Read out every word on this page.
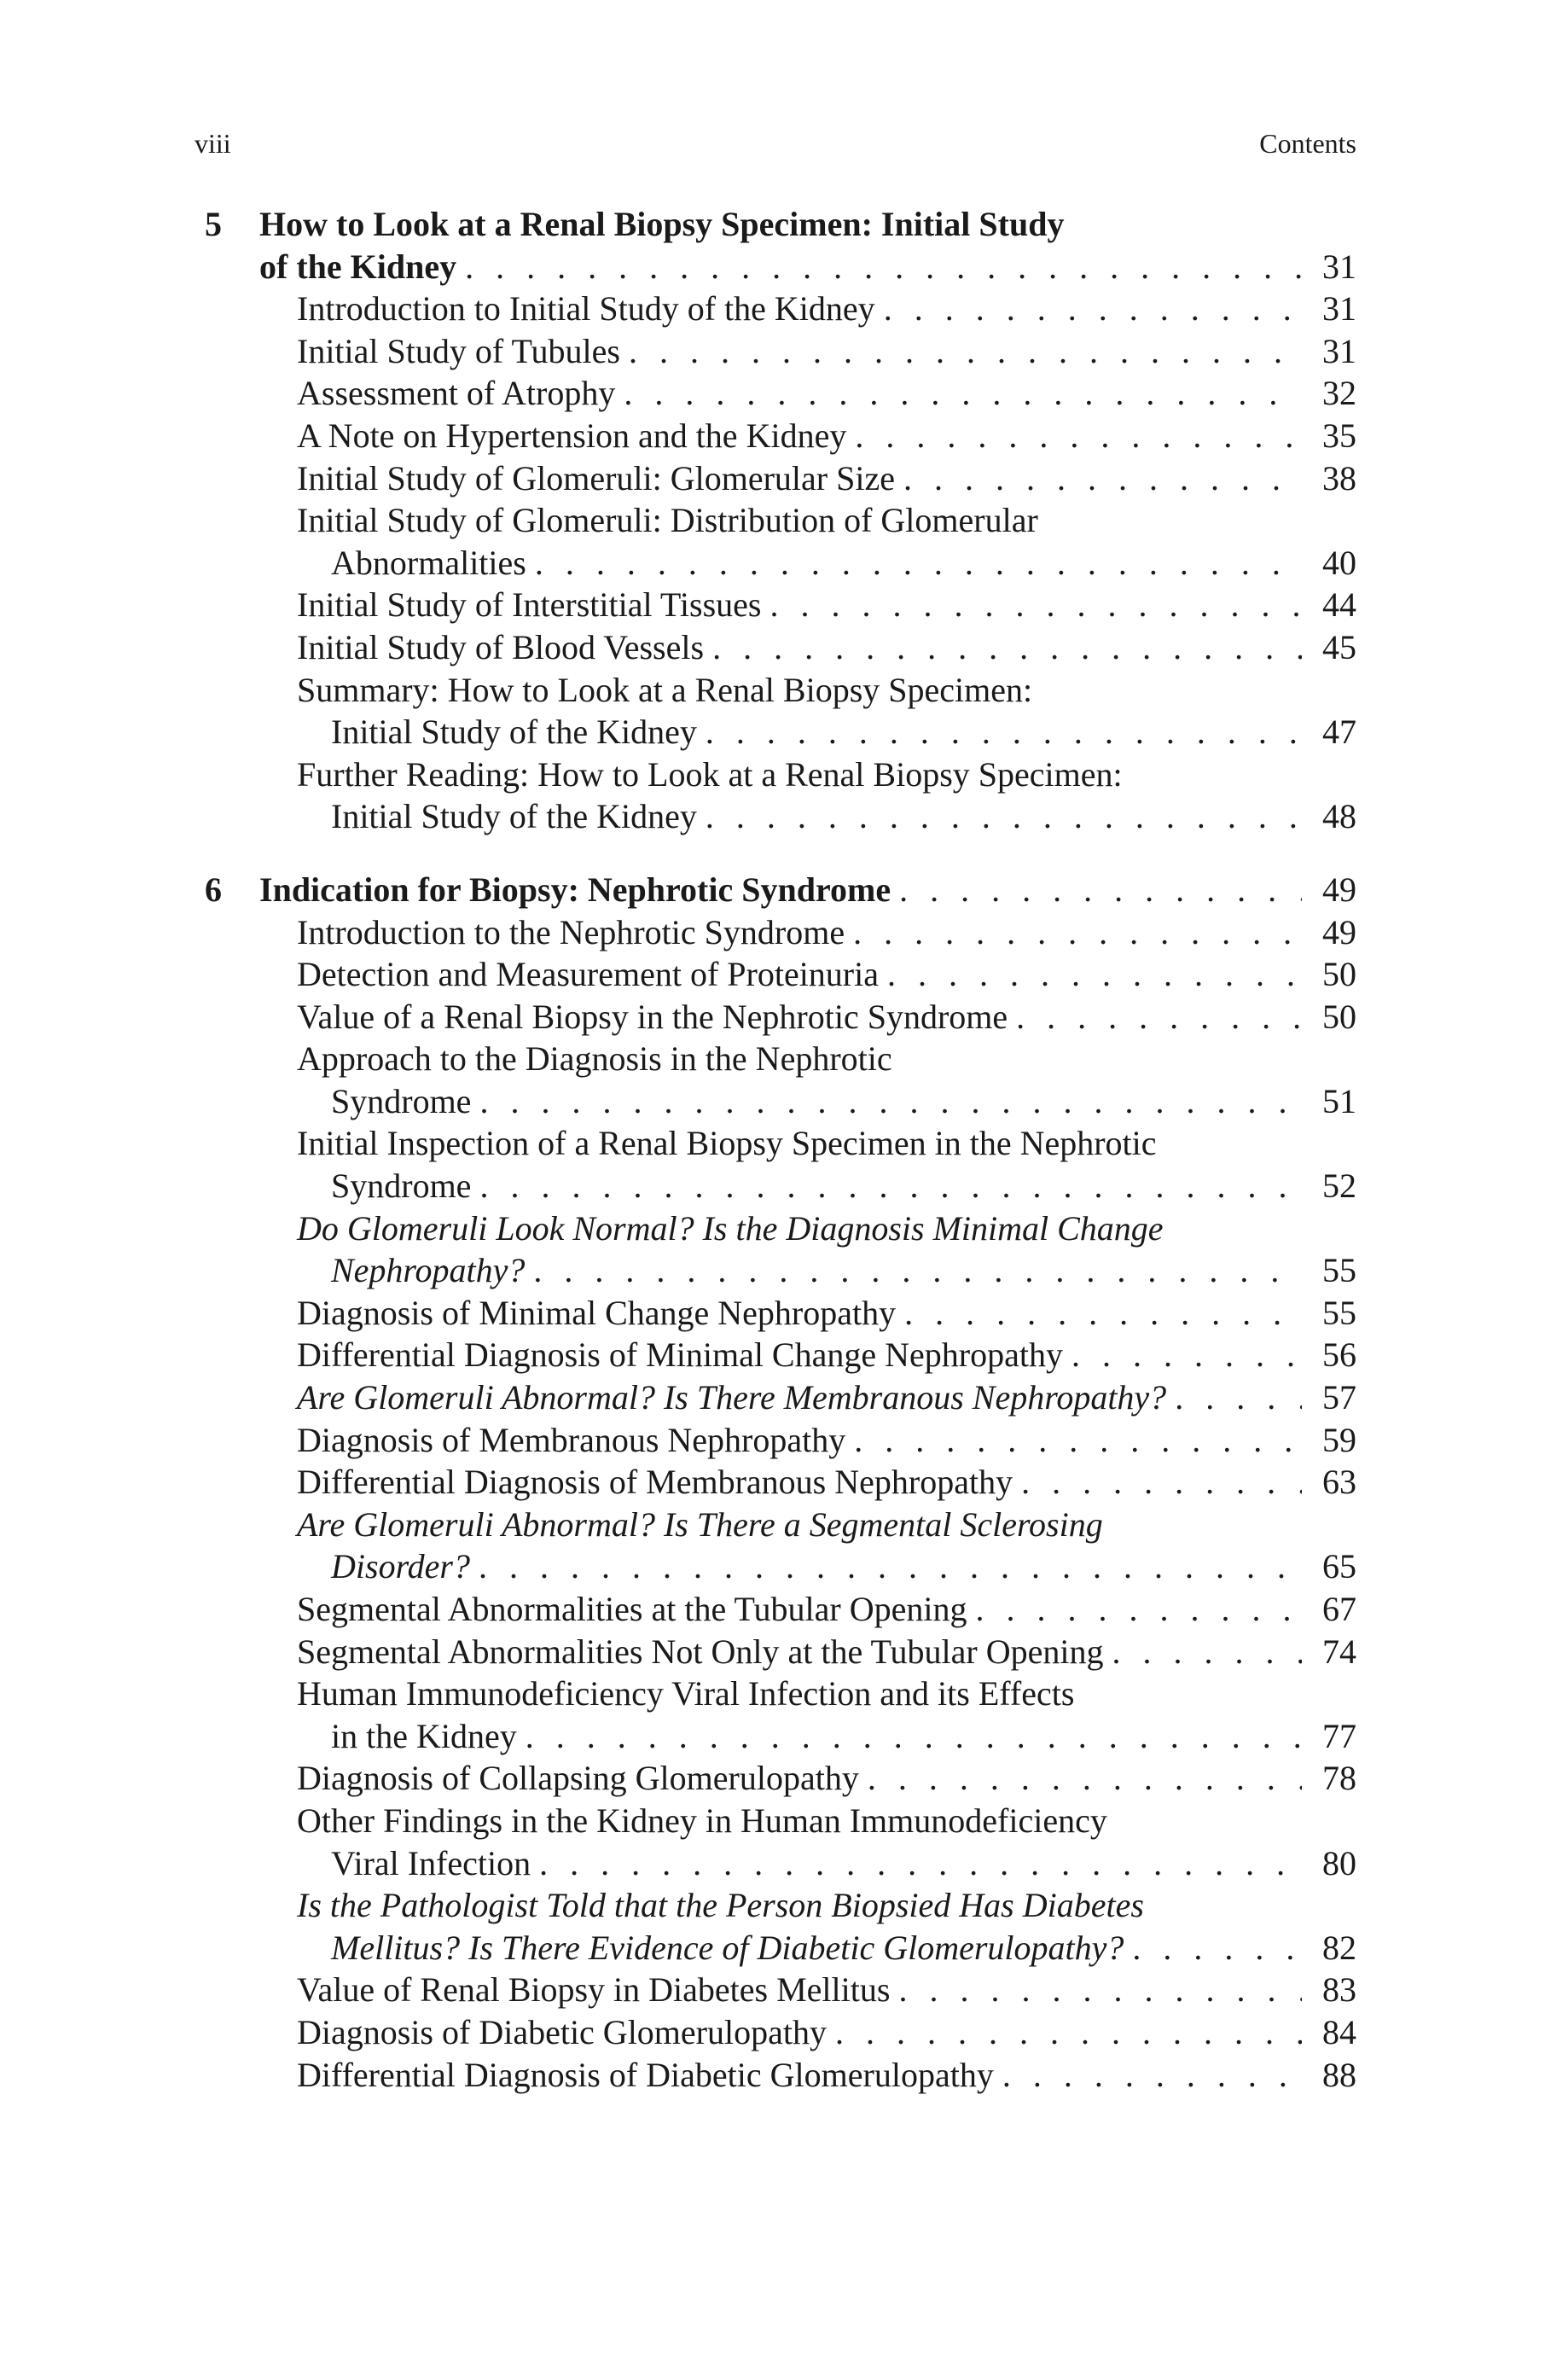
viii	Contents
5	How to Look at a Renal Biopsy Specimen: Initial Study
of the Kidney . . .	31
Introduction to Initial Study of the Kidney . . .	31
Initial Study of Tubules . . .	31
Assessment of Atrophy . . .	32
A Note on Hypertension and the Kidney . . .	35
Initial Study of Glomeruli: Glomerular Size . . .	38
Initial Study of Glomeruli: Distribution of Glomerular
Abnormalities . . .	40
Initial Study of Interstitial Tissues . . .	44
Initial Study of Blood Vessels . . .	45
Summary: How to Look at a Renal Biopsy Specimen:
Initial Study of the Kidney . . .	47
Further Reading: How to Look at a Renal Biopsy Specimen:
Initial Study of the Kidney . . .	48
6	Indication for Biopsy: Nephrotic Syndrome . . .	49
Introduction to the Nephrotic Syndrome . . .	49
Detection and Measurement of Proteinuria . . .	50
Value of a Renal Biopsy in the Nephrotic Syndrome . . .	50
Approach to the Diagnosis in the Nephrotic
Syndrome . . .	51
Initial Inspection of a Renal Biopsy Specimen in the Nephrotic
Syndrome . . .	52
Do Glomeruli Look Normal? Is the Diagnosis Minimal Change
Nephropathy? . . .	55
Diagnosis of Minimal Change Nephropathy . . .	55
Differential Diagnosis of Minimal Change Nephropathy . . .	56
Are Glomeruli Abnormal? Is There Membranous Nephropathy? . . .	57
Diagnosis of Membranous Nephropathy . . .	59
Differential Diagnosis of Membranous Nephropathy . . .	63
Are Glomeruli Abnormal? Is There a Segmental Sclerosing
Disorder? . . .	65
Segmental Abnormalities at the Tubular Opening . . .	67
Segmental Abnormalities Not Only at the Tubular Opening . . .	74
Human Immunodeficiency Viral Infection and its Effects
in the Kidney . . .	77
Diagnosis of Collapsing Glomerulopathy . . .	78
Other Findings in the Kidney in Human Immunodeficiency
Viral Infection . . .	80
Is the Pathologist Told that the Person Biopsied Has Diabetes
Mellitus? Is There Evidence of Diabetic Glomerulopathy? . . .	82
Value of Renal Biopsy in Diabetes Mellitus . . .	83
Diagnosis of Diabetic Glomerulopathy . . .	84
Differential Diagnosis of Diabetic Glomerulopathy . . .	88
